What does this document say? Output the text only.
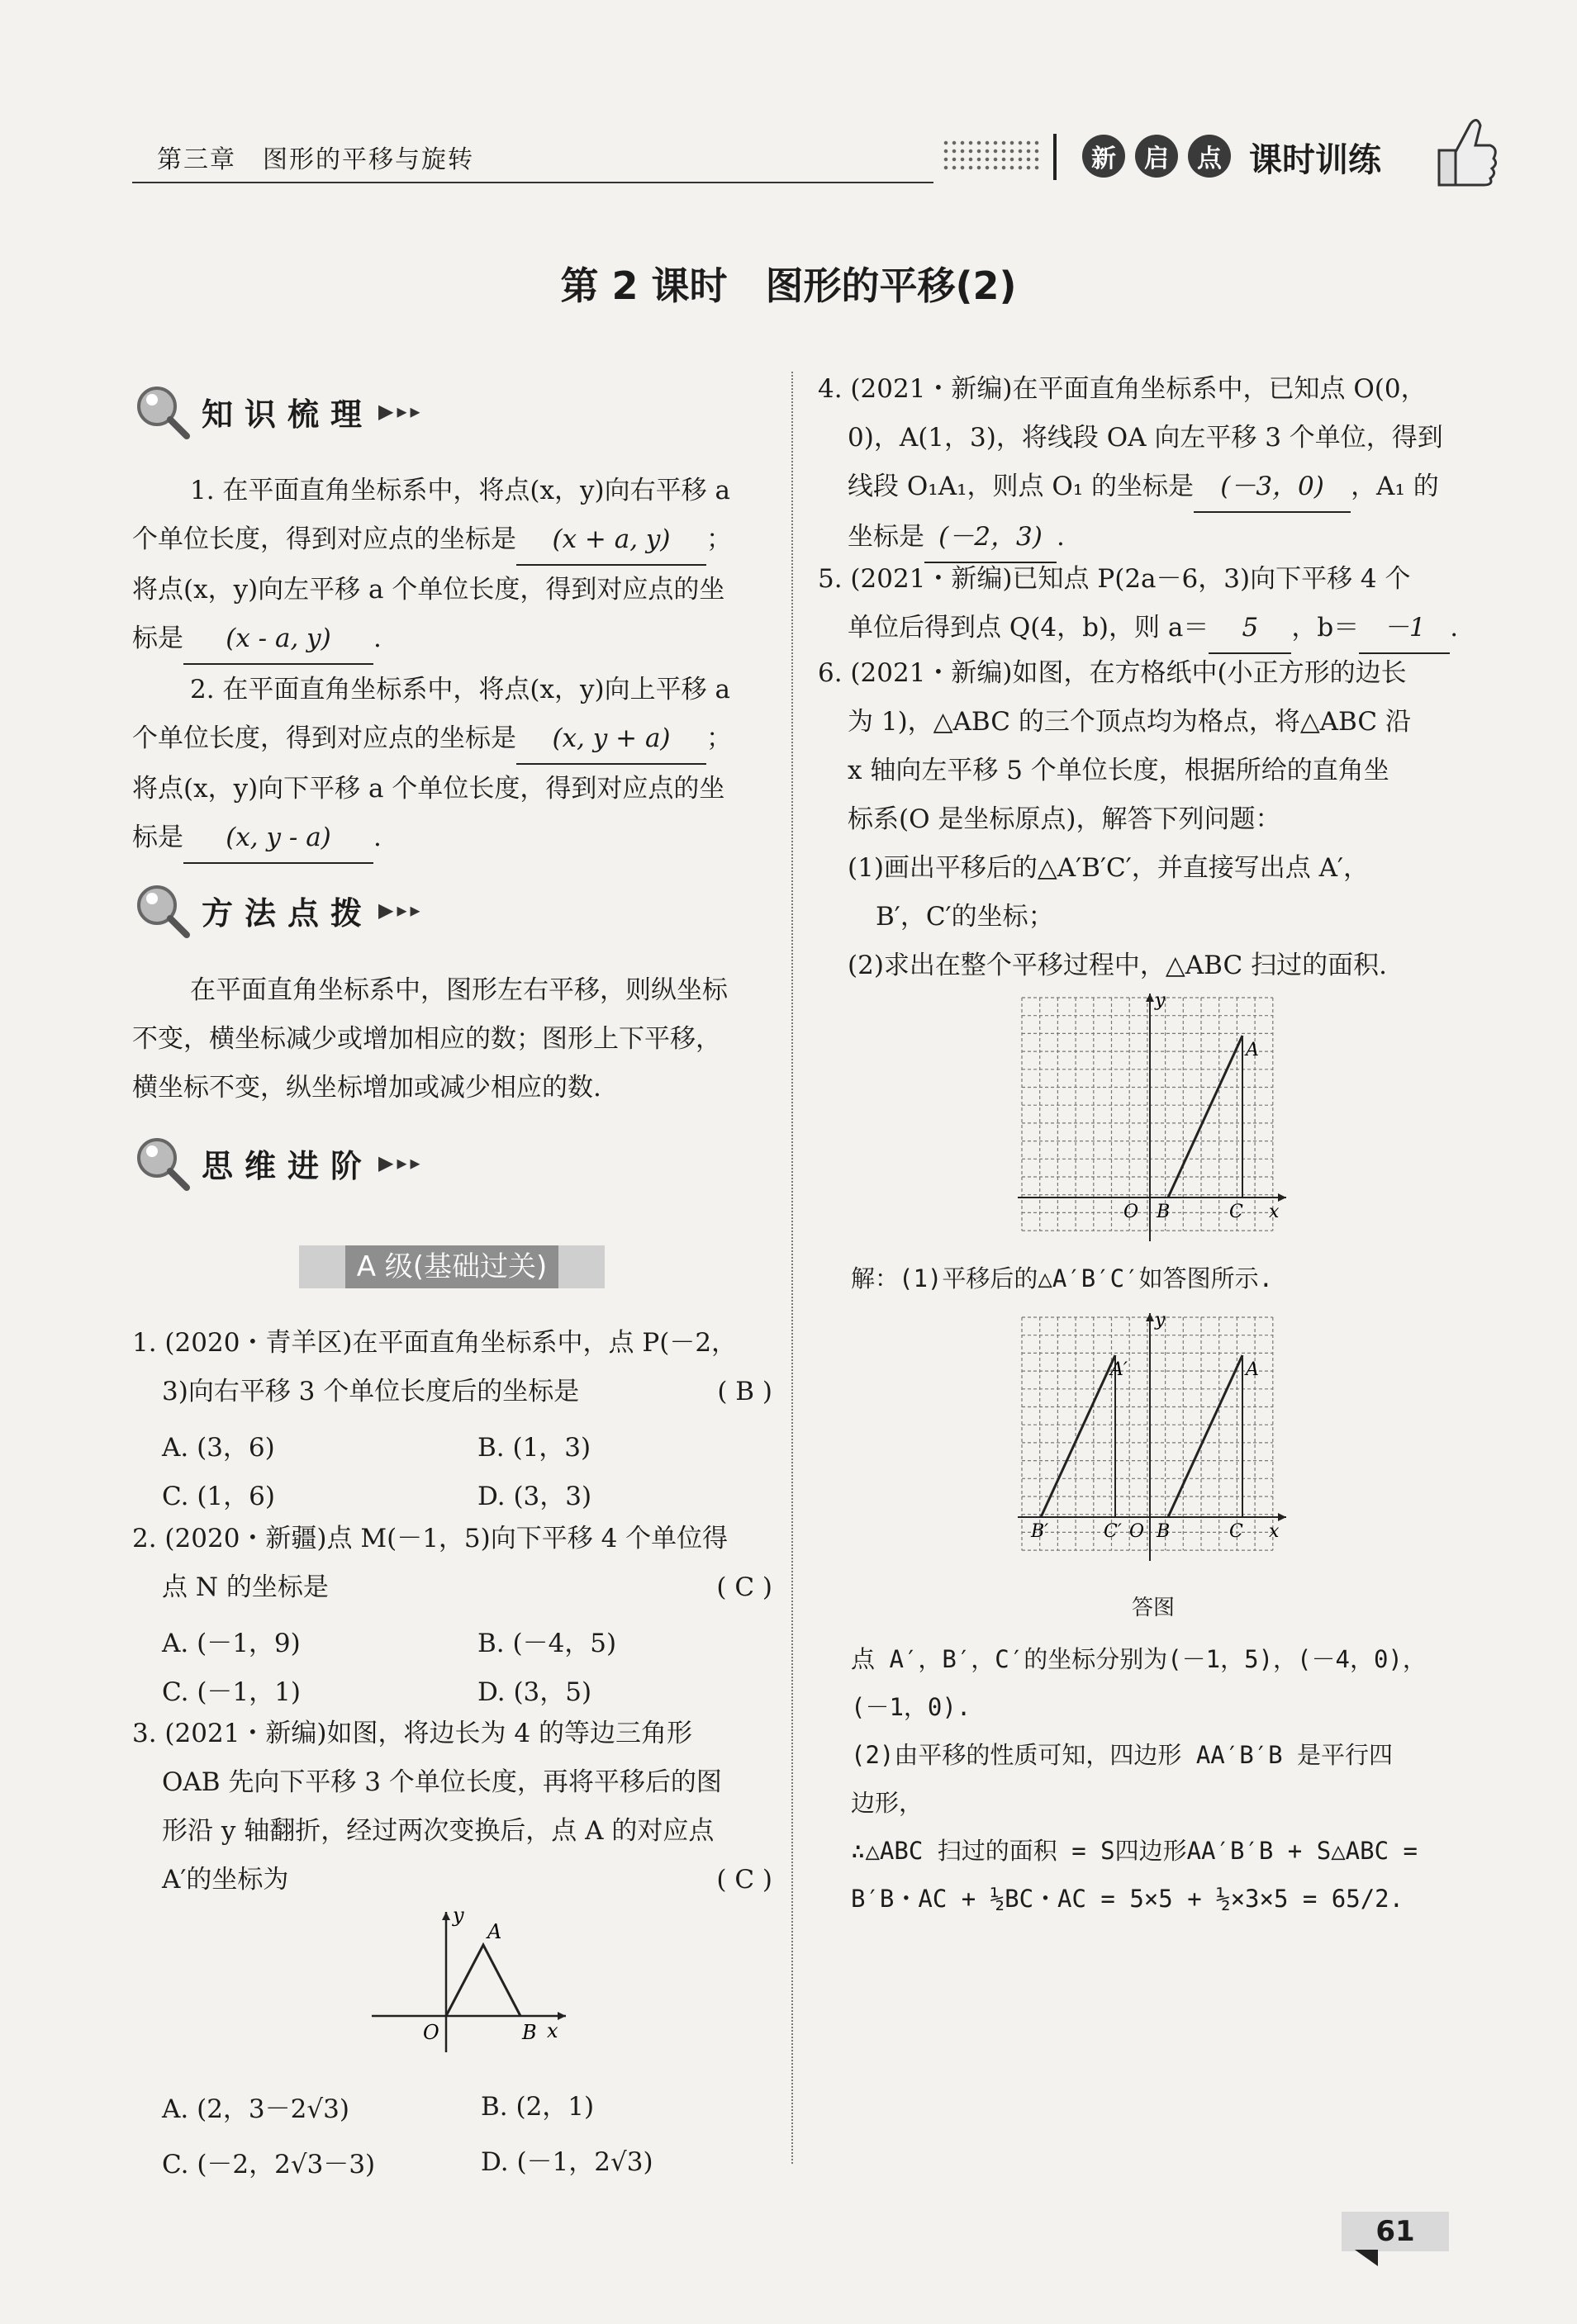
第三章　图形的平移与旋转	新	启	点 课时训练
第 2 课时　图形的平移(2)
知识梳理 ▶▸▸
1. 在平面直角坐标系中，将点(x，y)向右平移 a
个单位长度，得到对应点的坐标是 (x + a, y) ；
将点(x，y)向左平移 a 个单位长度，得到对应点的坐
标是 (x - a, y) .
2. 在平面直角坐标系中，将点(x，y)向上平移 a
个单位长度，得到对应点的坐标是 (x, y + a) ；
将点(x，y)向下平移 a 个单位长度，得到对应点的坐
标是 (x, y - a) .
方法点拨 ▶▸▸
在平面直角坐标系中，图形左右平移，则纵坐标
不变，横坐标减少或增加相应的数；图形上下平移，
横坐标不变，纵坐标增加或减少相应的数.
思维进阶 ▶▸▸
A 级(基础过关)
1. (2020・青羊区)在平面直角坐标系中，点 P(－2，
3)向右平移 3 个单位长度后的坐标是	( B )
A. (3，6)	B. (1，3)
C. (1，6)	D. (3，3)
2. (2020・新疆)点 M(－1，5)向下平移 4 个单位得
点 N 的坐标是	( C )
A. (－1，9)	B. (－4，5)
C. (－1，1)	D. (3，5)
3. (2021・新编)如图，将边长为 4 的等边三角形
OAB 先向下平移 3 个单位长度，再将平移后的图
形沿 y 轴翻折，经过两次变换后，点 A 的对应点
A′的坐标为	( C )
y
A
O	B x
A. (2，3－2√3)	B. (2，1)
C. (－2，2√3－3)	D. (－1，2√3)
4. (2021・新编)在平面直角坐标系中，已知点 O(0，
0)，A(1，3)，将线段 OA 向左平移 3 个单位，得到
线段 O₁A₁，则点 O₁ 的坐标是 (－3，0) ，A₁ 的
坐标是 (－2，3) .
5. (2021・新编)已知点 P(2a－6，3)向下平移 4 个
单位后得到点 Q(4，b)，则 a＝ 5 ，b＝ －1 .
6. (2021・新编)如图，在方格纸中(小正方形的边长
为 1)，△ABC 的三个顶点均为格点，将△ABC 沿
x 轴向左平移 5 个单位长度，根据所给的直角坐
标系(O 是坐标原点)，解答下列问题：
(1)画出平移后的△A′B′C′，并直接写出点 A′，
B′，C′的坐标；
(2)求出在整个平移过程中，△ABC 扫过的面积.
y
A
O B	C x
解：(1)平移后的△A′B′C′如答图所示.
y
A
A′
B′	C′ O B	C x
答图
点 A′，B′，C′的坐标分别为(－1，5)，(－4，0)，
(－1，0).
(2)由平移的性质可知，四边形 AA′B′B 是平行四
边形，
∴△ABC 扫过的面积 = S四边形AA′B′B + S△ABC =
B′B・AC + ½BC・AC = 5×5 + ½×3×5 = 65/2.
61
